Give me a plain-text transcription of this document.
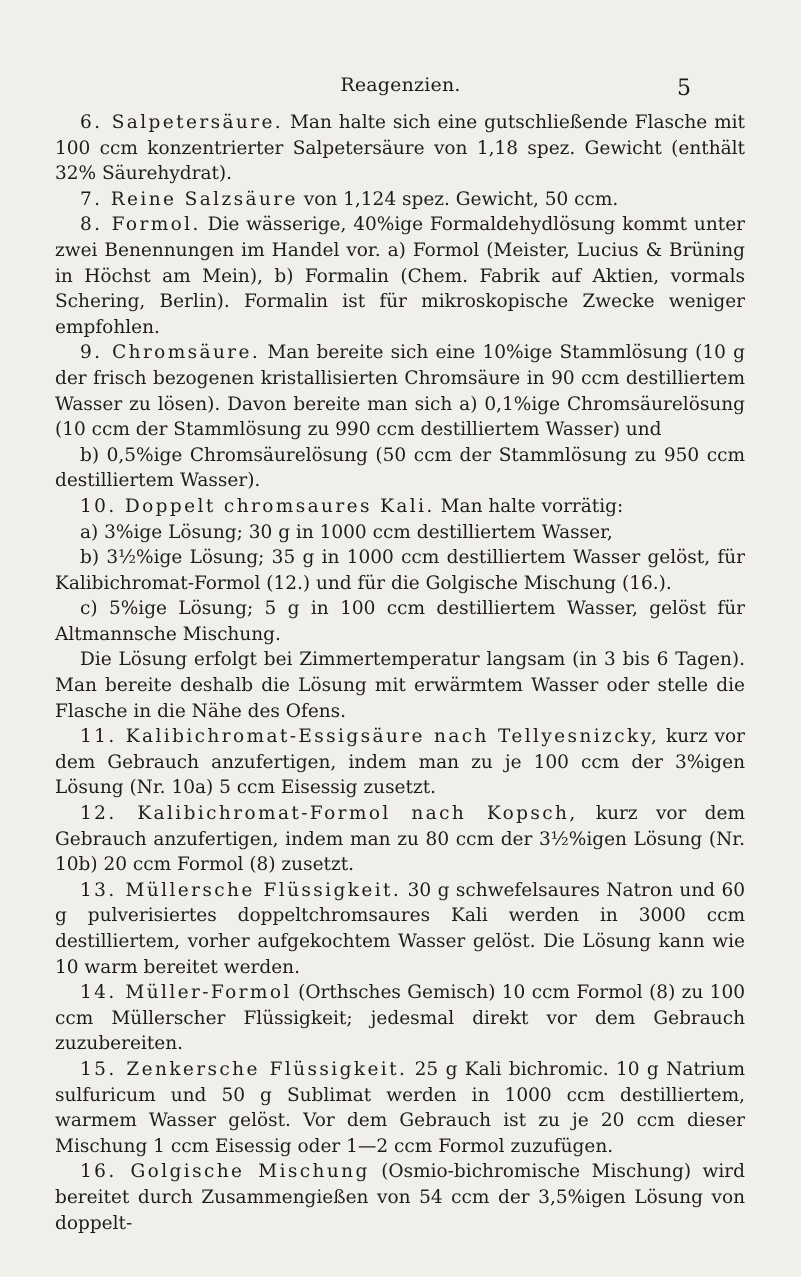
Reagenzien.	5

6. Salpetersäure. Man halte sich eine gutschließende Flasche mit 100 ccm konzentrierter Salpetersäure von 1,18 spez. Gewicht (enthält 32% Säurehydrat).

7. Reine Salzsäure von 1,124 spez. Gewicht, 50 ccm.

8. Formol. Die wässerige, 40%ige Formaldehydlösung kommt unter zwei Benennungen im Handel vor. a) Formol (Meister, Lucius & Brüning in Höchst am Mein), b) Formalin (Chem. Fabrik auf Aktien, vormals Schering, Berlin). Formalin ist für mikroskopische Zwecke weniger empfohlen.

9. Chromsäure. Man bereite sich eine 10%ige Stammlösung (10 g der frisch bezogenen kristallisierten Chromsäure in 90 ccm destilliertem Wasser zu lösen). Davon bereite man sich a) 0,1%ige Chromsäurelösung (10 ccm der Stammlösung zu 990 ccm destilliertem Wasser) und

b) 0,5%ige Chromsäurelösung (50 ccm der Stammlösung zu 950 ccm destilliertem Wasser).

10. Doppelt chromsaures Kali. Man halte vorrätig:

a) 3%ige Lösung; 30 g in 1000 ccm destilliertem Wasser,

b) 3½%ige Lösung; 35 g in 1000 ccm destilliertem Wasser gelöst, für Kalibichromat-Formol (12.) und für die Golgische Mischung (16.).

c) 5%ige Lösung; 5 g in 100 ccm destilliertem Wasser, gelöst für Altmannsche Mischung.

Die Lösung erfolgt bei Zimmertemperatur langsam (in 3 bis 6 Tagen). Man bereite deshalb die Lösung mit erwärmtem Wasser oder stelle die Flasche in die Nähe des Ofens.

11. Kalibichromat-Essigsäure nach Tellyesnizcky, kurz vor dem Gebrauch anzufertigen, indem man zu je 100 ccm der 3%igen Lösung (Nr. 10a) 5 ccm Eisessig zusetzt.

12. Kalibichromat-Formol nach Kopsch, kurz vor dem Gebrauch anzufertigen, indem man zu 80 ccm der 3½%igen Lösung (Nr. 10b) 20 ccm Formol (8) zusetzt.

13. Müllersche Flüssigkeit. 30 g schwefelsaures Natron und 60 g pulverisiertes doppeltchromsaures Kali werden in 3000 ccm destilliertem, vorher aufgekochtem Wasser gelöst. Die Lösung kann wie 10 warm bereitet werden.

14. Müller-Formol (Orthsches Gemisch) 10 ccm Formol (8) zu 100 ccm Müllerscher Flüssigkeit; jedesmal direkt vor dem Gebrauch zuzubereiten.

15. Zenkersche Flüssigkeit. 25 g Kali bichromic. 10 g Natrium sulfuricum und 50 g Sublimat werden in 1000 ccm destilliertem, warmem Wasser gelöst. Vor dem Gebrauch ist zu je 20 ccm dieser Mischung 1 ccm Eisessig oder 1—2 ccm Formol zuzufügen.

16. Golgische Mischung (Osmio-bichromische Mischung) wird bereitet durch Zusammengießen von 54 ccm der 3,5%igen Lösung von doppelt-
